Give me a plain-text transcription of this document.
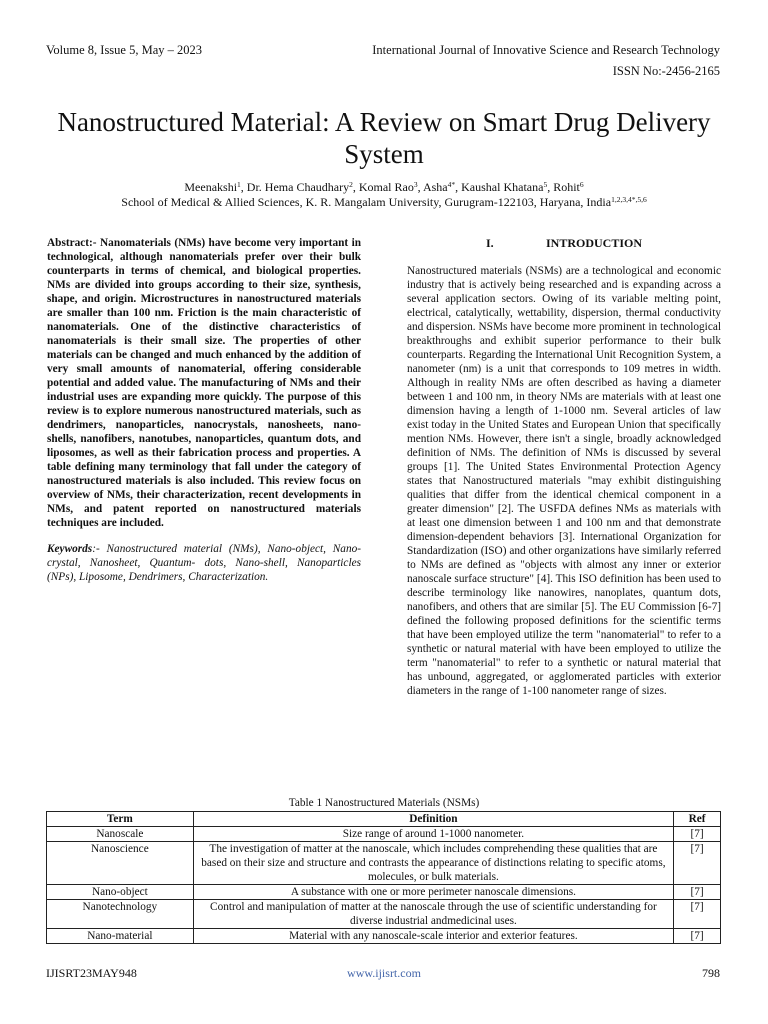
Volume 8, Issue 5, May – 2023	International Journal of Innovative Science and Research Technology
ISSN No:-2456-2165
Nanostructured Material: A Review on Smart Drug Delivery System
Meenakshi$^1$, Dr. Hema Chaudhary$^2$, Komal Rao$^3$, Asha$^{4*}$, Kaushal Khatana$^5$, Rohit$^6$
School of Medical & Allied Sciences, K. R. Mangalam University, Gurugram-122103, Haryana, India$^{1,2,3,4*,5,6}$
Abstract:- Nanomaterials (NMs) have become very important in technological, although nanomaterials prefer over their bulk counterparts in terms of chemical, and biological properties. NMs are divided into groups according to their size, synthesis, shape, and origin. Microstructures in nanostructured materials are smaller than 100 nm. Friction is the main characteristic of nanomaterials. One of the distinctive characteristics of nanomaterials is their small size. The properties of other materials can be changed and much enhanced by the addition of very small amounts of nanomaterial, offering considerable potential and added value. The manufacturing of NMs and their industrial uses are expanding more quickly. The purpose of this review is to explore numerous nanostructured materials, such as dendrimers, nanoparticles, nanocrystals, nanosheets, nano-shells, nanofibers, nanotubes, nanoparticles, quantum dots, and liposomes, as well as their fabrication process and properties. A table defining many terminology that fall under the category of nanostructured materials is also included. This review focus on overview of NMs, their characterization, recent developments in NMs, and patent reported on nanostructured materials techniques are included.
Keywords:- Nanostructured material (NMs), Nano-object, Nano-crystal, Nanosheet, Quantum- dots, Nano-shell, Nanoparticles (NPs), Liposome, Dendrimers, Characterization.
I.	INTRODUCTION
Nanostructured materials (NSMs) are a technological and economic industry that is actively being researched and is expanding across a several application sectors. Owing of its variable melting point, electrical, catalytically, wettability, dispersion, thermal conductivity and dispersion. NSMs have become more prominent in technological breakthroughs and exhibit superior performance to their bulk counterparts. Regarding the International Unit Recognition System, a nanometer (nm) is a unit that corresponds to 109 metres in width. Although in reality NMs are often described as having a diameter between 1 and 100 nm, in theory NMs are materials with at least one dimension having a length of 1-1000 nm. Several articles of law exist today in the United States and European Union that specifically mention NMs. However, there isn't a single, broadly acknowledged definition of NMs. The definition of NMs is discussed by several groups [1]. The United States Environmental Protection Agency states that Nanostructured materials "may exhibit distinguishing qualities that differ from the identical chemical component in a greater dimension" [2]. The USFDA defines NMs as materials with at least one dimension between 1 and 100 nm and that demonstrate dimension-dependent behaviors [3]. International Organization for Standardization (ISO) and other organizations have similarly referred to NMs are defined as "objects with almost any inner or exterior nanoscale surface structure" [4]. This ISO definition has been used to describe terminology like nanowires, nanoplates, quantum dots, nanofibers, and others that are similar [5]. The EU Commission [6-7] defined the following proposed definitions for the scientific terms that have been employed utilize the term "nanomaterial" to refer to a synthetic or natural material with have been employed to utilize the term "nanomaterial" to refer to a synthetic or natural material that has unbound, aggregated, or agglomerated particles with exterior diameters in the range of 1-100 nanometer range of sizes.
Table 1 Nanostructured Materials (NSMs)
Term	Definition	Ref
Nanoscale	Size range of around 1-1000 nanometer.	[7]
Nanoscience	The investigation of matter at the nanoscale, which includes comprehending these qualities that are based on their size and structure and contrasts the appearance of distinctions relating to specific atoms, molecules, or bulk materials.	[7]
Nano-object	A substance with one or more perimeter nanoscale dimensions.	[7]
Nanotechnology	Control and manipulation of matter at the nanoscale through the use of scientific understanding for diverse industrial andmedicinal uses.	[7]
Nano-material	Material with any nanoscale-scale interior and exterior features.	[7]
IJISRT23MAY948	www.ijisrt.com	798
